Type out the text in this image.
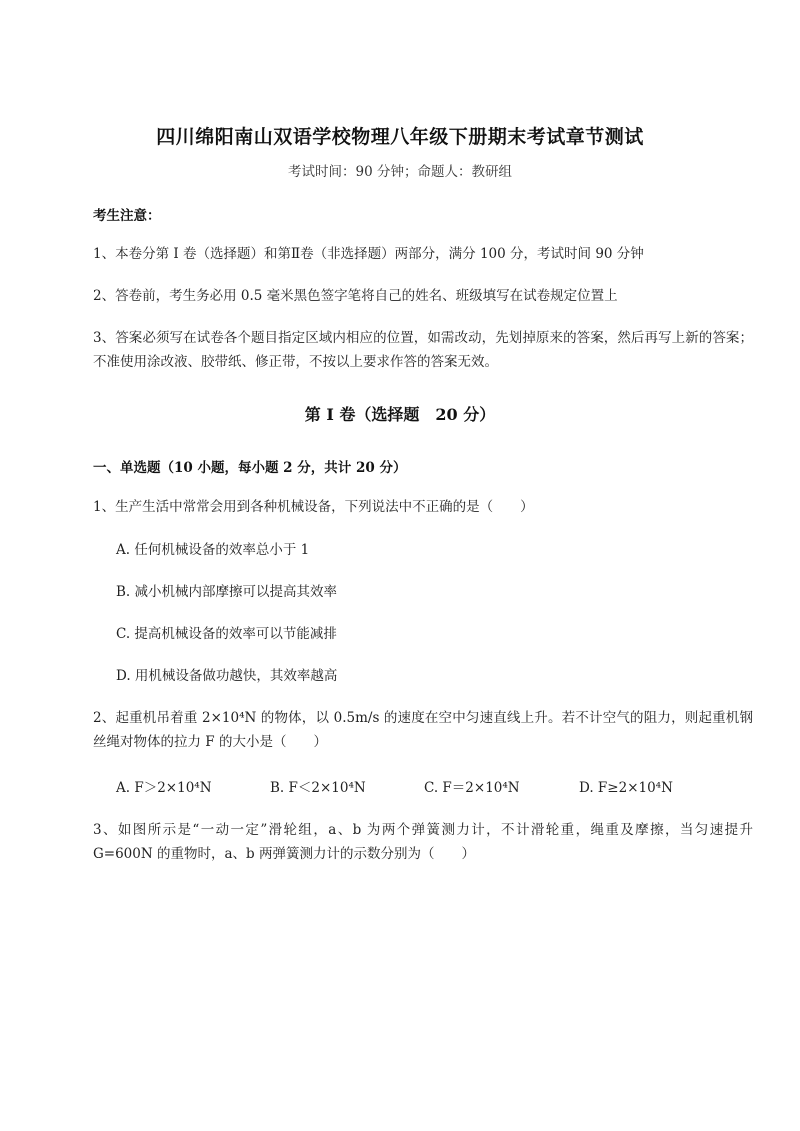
四川绵阳南山双语学校物理八年级下册期末考试章节测试
考试时间：90 分钟；命题人：教研组
考生注意：
1、本卷分第 I 卷（选择题）和第Ⅱ卷（非选择题）两部分，满分 100 分，考试时间 90 分钟
2、答卷前，考生务必用 0.5 毫米黑色签字笔将自己的姓名、班级填写在试卷规定位置上
3、答案必须写在试卷各个题目指定区域内相应的位置，如需改动，先划掉原来的答案，然后再写上新的答案；不准使用涂改液、胶带纸、修正带，不按以上要求作答的答案无效。
第 I 卷（选择题　20 分）
一、单选题（10 小题，每小题 2 分，共计 20 分）
1、生产生活中常常会用到各种机械设备，下列说法中不正确的是（　　）
A. 任何机械设备的效率总小于 1
B. 减小机械内部摩擦可以提高其效率
C. 提高机械设备的效率可以节能减排
D. 用机械设备做功越快，其效率越高
2、起重机吊着重 2×10⁴N 的物体，以 0.5m/s 的速度在空中匀速直线上升。若不计空气的阻力，则起重机钢丝绳对物体的拉力 F 的大小是（　　）
A. F＞2×10⁴N	B. F＜2×10⁴N	C. F＝2×10⁴N	D. F≥2×10⁴N
3、如图所示是“一动一定”滑轮组，a、b 为两个弹簧测力计，不计滑轮重，绳重及摩擦，当匀速提升 G=600N 的重物时，a、b 两弹簧测力计的示数分别为（　　）
